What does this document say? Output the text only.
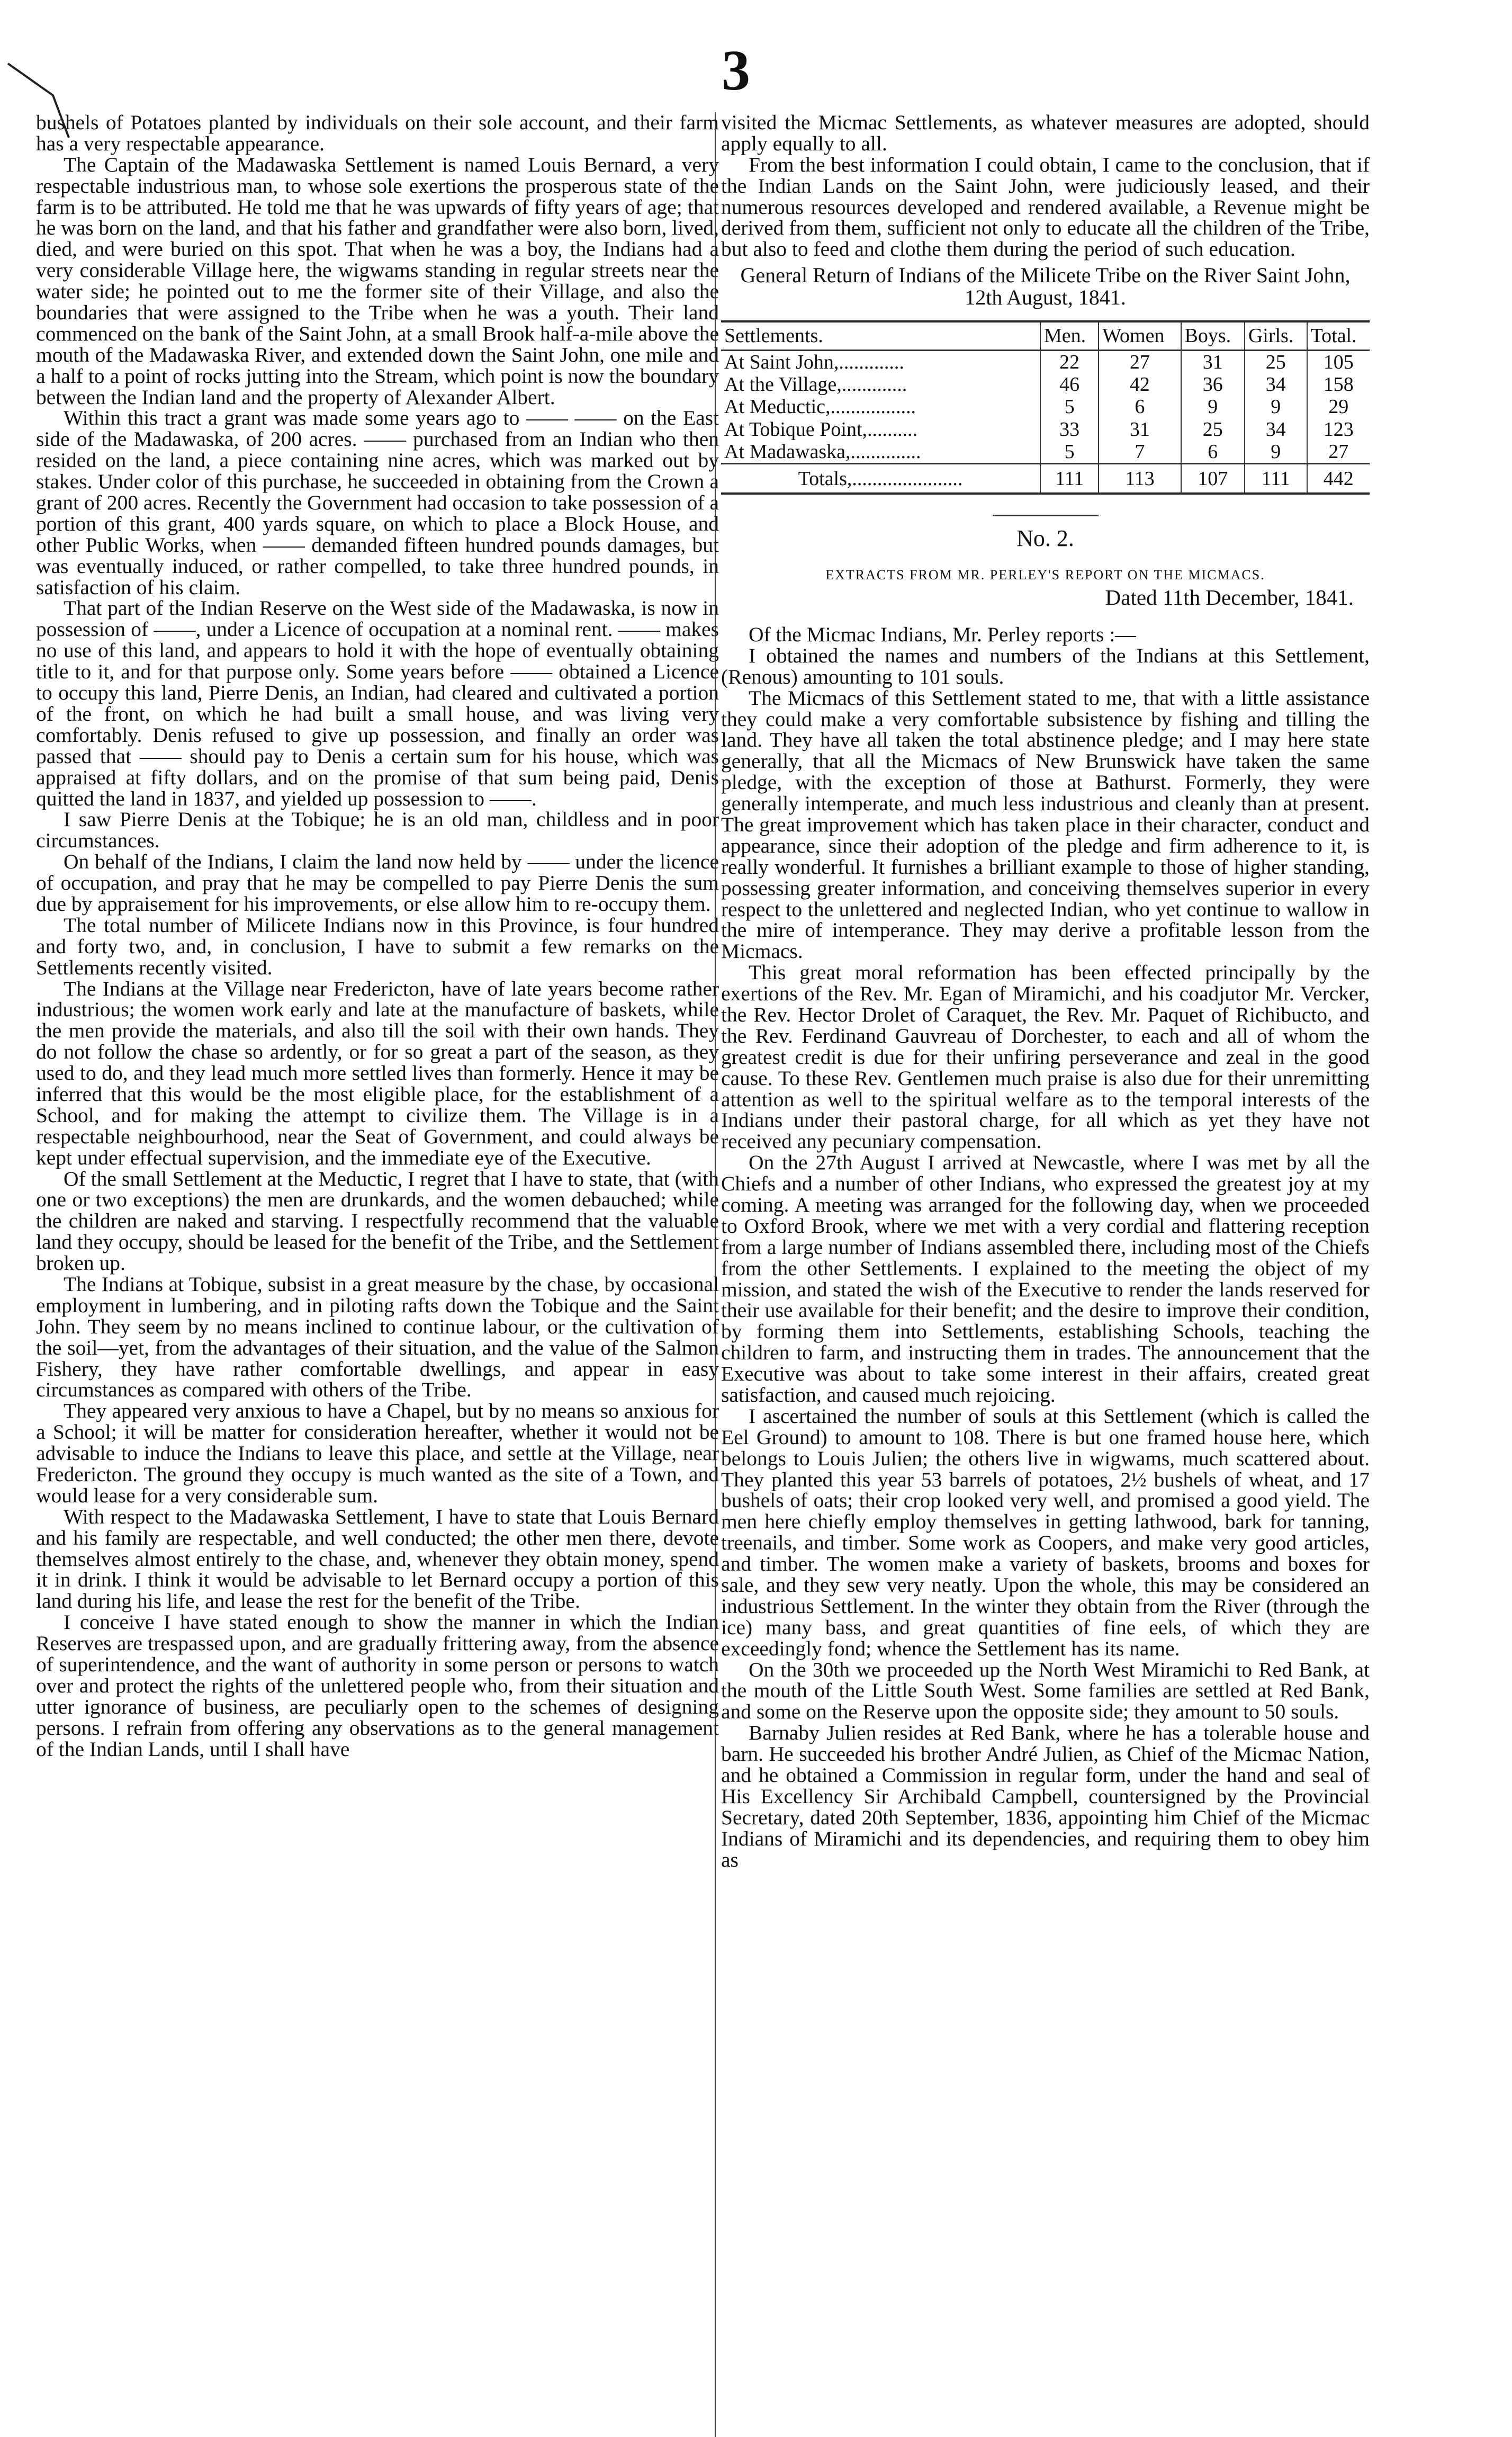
3

bushels of Potatoes planted by individuals on their sole account, and their farm has a very respectable appearance.

The Captain of the Madawaska Settlement is named Louis Bernard, a very respectable industrious man, to whose sole exertions the prosperous state of the farm is to be attributed. He told me that he was upwards of fifty years of age; that he was born on the land, and that his father and grandfather were also born, lived, died, and were buried on this spot. That when he was a boy, the Indians had a very considerable Village here, the wigwams standing in regular streets near the water side; he pointed out to me the former site of their Village, and also the boundaries that were assigned to the Tribe when he was a youth. Their land commenced on the bank of the Saint John, at a small Brook half-a-mile above the mouth of the Madawaska River, and extended down the Saint John, one mile and a half to a point of rocks jutting into the Stream, which point is now the boundary between the Indian land and the property of Alexander Albert.

Within this tract a grant was made some years ago to —— —— on the East side of the Madawaska, of 200 acres. —— purchased from an Indian who then resided on the land, a piece containing nine acres, which was marked out by stakes. Under color of this purchase, he succeeded in obtaining from the Crown a grant of 200 acres. Recently the Government had occasion to take possession of a portion of this grant, 400 yards square, on which to place a Block House, and other Public Works, when —— demanded fifteen hundred pounds damages, but was eventually induced, or rather compelled, to take three hundred pounds, in satisfaction of his claim.

That part of the Indian Reserve on the West side of the Madawaska, is now in possession of ——, under a Licence of occupation at a nominal rent. —— makes no use of this land, and appears to hold it with the hope of eventually obtaining title to it, and for that purpose only. Some years before —— obtained a Licence to occupy this land, Pierre Denis, an Indian, had cleared and cultivated a portion of the front, on which he had built a small house, and was living very comfortably. Denis refused to give up possession, and finally an order was passed that —— should pay to Denis a certain sum for his house, which was appraised at fifty dollars, and on the promise of that sum being paid, Denis quitted the land in 1837, and yielded up possession to ——.

I saw Pierre Denis at the Tobique; he is an old man, childless and in poor circumstances.

On behalf of the Indians, I claim the land now held by —— under the licence of occupation, and pray that he may be compelled to pay Pierre Denis the sum due by appraisement for his improvements, or else allow him to re-occupy them.

The total number of Milicete Indians now in this Province, is four hundred and forty two, and, in conclusion, I have to submit a few remarks on the Settlements recently visited.

The Indians at the Village near Fredericton, have of late years become rather industrious; the women work early and late at the manufacture of baskets, while the men provide the materials, and also till the soil with their own hands. They do not follow the chase so ardently, or for so great a part of the season, as they used to do, and they lead much more settled lives than formerly. Hence it may be inferred that this would be the most eligible place, for the establishment of a School, and for making the attempt to civilize them. The Village is in a respectable neighbourhood, near the Seat of Government, and could always be kept under effectual supervision, and the immediate eye of the Executive.

Of the small Settlement at the Meductic, I regret that I have to state, that (with one or two exceptions) the men are drunkards, and the women debauched; while the children are naked and starving. I respectfully recommend that the valuable land they occupy, should be leased for the benefit of the Tribe, and the Settlement broken up.

The Indians at Tobique, subsist in a great measure by the chase, by occasional employment in lumbering, and in piloting rafts down the Tobique and the Saint John. They seem by no means inclined to continue labour, or the cultivation of the soil—yet, from the advantages of their situation, and the value of the Salmon Fishery, they have rather comfortable dwellings, and appear in easy circumstances as compared with others of the Tribe.

They appeared very anxious to have a Chapel, but by no means so anxious for a School; it will be matter for consideration hereafter, whether it would not be advisable to induce the Indians to leave this place, and settle at the Village, near Fredericton. The ground they occupy is much wanted as the site of a Town, and would lease for a very considerable sum.

With respect to the Madawaska Settlement, I have to state that Louis Bernard and his family are respectable, and well conducted; the other men there, devote themselves almost entirely to the chase, and, whenever they obtain money, spend it in drink. I think it would be advisable to let Bernard occupy a portion of this land during his life, and lease the rest for the benefit of the Tribe.

I conceive I have stated enough to show the manner in which the Indian Reserves are trespassed upon, and are gradually frittering away, from the absence of superintendence, and the want of authority in some person or persons to watch over and protect the rights of the unlettered people who, from their situation and utter ignorance of business, are peculiarly open to the schemes of designing persons. I refrain from offering any observations as to the general management of the Indian Lands, until I shall have

visited the Micmac Settlements, as whatever measures are adopted, should apply equally to all.

From the best information I could obtain, I came to the conclusion, that if the Indian Lands on the Saint John, were judiciously leased, and their numerous resources developed and rendered available, a Revenue might be derived from them, sufficient not only to educate all the children of the Tribe, but also to feed and clothe them during the period of such education.

General Return of Indians of the Milicete Tribe on the River Saint John, 12th August, 1841.
Settlements.	Men.	Women	Boys.	Girls.	Total.
At Saint John,.............	22	27	31	25	105
At the Village,.............	46	42	36	34	158
At Meductic,.................	5	6	9	9	29
At Tobique Point,..........	33	31	25	34	123
At Madawaska,..............	5	7	6	9	27
Totals,......................	111	113	107	111	442
No. 2.
EXTRACTS FROM MR. PERLEY'S REPORT ON THE MICMACS.
Dated 11th December, 1841.

Of the Micmac Indians, Mr. Perley reports :—

I obtained the names and numbers of the Indians at this Settlement, (Renous) amounting to 101 souls.

The Micmacs of this Settlement stated to me, that with a little assistance they could make a very comfortable subsistence by fishing and tilling the land. They have all taken the total abstinence pledge; and I may here state generally, that all the Micmacs of New Brunswick have taken the same pledge, with the exception of those at Bathurst. Formerly, they were generally intemperate, and much less industrious and cleanly than at present. The great improvement which has taken place in their character, conduct and appearance, since their adoption of the pledge and firm adherence to it, is really wonderful. It furnishes a brilliant example to those of higher standing, possessing greater information, and conceiving themselves superior in every respect to the unlettered and neglected Indian, who yet continue to wallow in the mire of intemperance. They may derive a profitable lesson from the Micmacs.

This great moral reformation has been effected principally by the exertions of the Rev. Mr. Egan of Miramichi, and his coadjutor Mr. Vercker, the Rev. Hector Drolet of Caraquet, the Rev. Mr. Paquet of Richibucto, and the Rev. Ferdinand Gauvreau of Dorchester, to each and all of whom the greatest credit is due for their unfiring perseverance and zeal in the good cause. To these Rev. Gentlemen much praise is also due for their unremitting attention as well to the spiritual welfare as to the temporal interests of the Indians under their pastoral charge, for all which as yet they have not received any pecuniary compensation.

On the 27th August I arrived at Newcastle, where I was met by all the Chiefs and a number of other Indians, who expressed the greatest joy at my coming. A meeting was arranged for the following day, when we proceeded to Oxford Brook, where we met with a very cordial and flattering reception from a large number of Indians assembled there, including most of the Chiefs from the other Settlements. I explained to the meeting the object of my mission, and stated the wish of the Executive to render the lands reserved for their use available for their benefit; and the desire to improve their condition, by forming them into Settlements, establishing Schools, teaching the children to farm, and instructing them in trades. The announcement that the Executive was about to take some interest in their affairs, created great satisfaction, and caused much rejoicing.

I ascertained the number of souls at this Settlement (which is called the Eel Ground) to amount to 108. There is but one framed house here, which belongs to Louis Julien; the others live in wigwams, much scattered about. They planted this year 53 barrels of potatoes, 2½ bushels of wheat, and 17 bushels of oats; their crop looked very well, and promised a good yield. The men here chiefly employ themselves in getting lathwood, bark for tanning, treenails, and timber. Some work as Coopers, and make very good articles, and timber. The women make a variety of baskets, brooms and boxes for sale, and they sew very neatly. Upon the whole, this may be considered an industrious Settlement. In the winter they obtain from the River (through the ice) many bass, and great quantities of fine eels, of which they are exceedingly fond; whence the Settlement has its name.

On the 30th we proceeded up the North West Miramichi to Red Bank, at the mouth of the Little South West. Some families are settled at Red Bank, and some on the Reserve upon the opposite side; they amount to 50 souls.

Barnaby Julien resides at Red Bank, where he has a tolerable house and barn. He succeeded his brother André Julien, as Chief of the Micmac Nation, and he obtained a Commission in regular form, under the hand and seal of His Excellency Sir Archibald Campbell, countersigned by the Provincial Secretary, dated 20th September, 1836, appointing him Chief of the Micmac Indians of Miramichi and its dependencies, and requiring them to obey him as
